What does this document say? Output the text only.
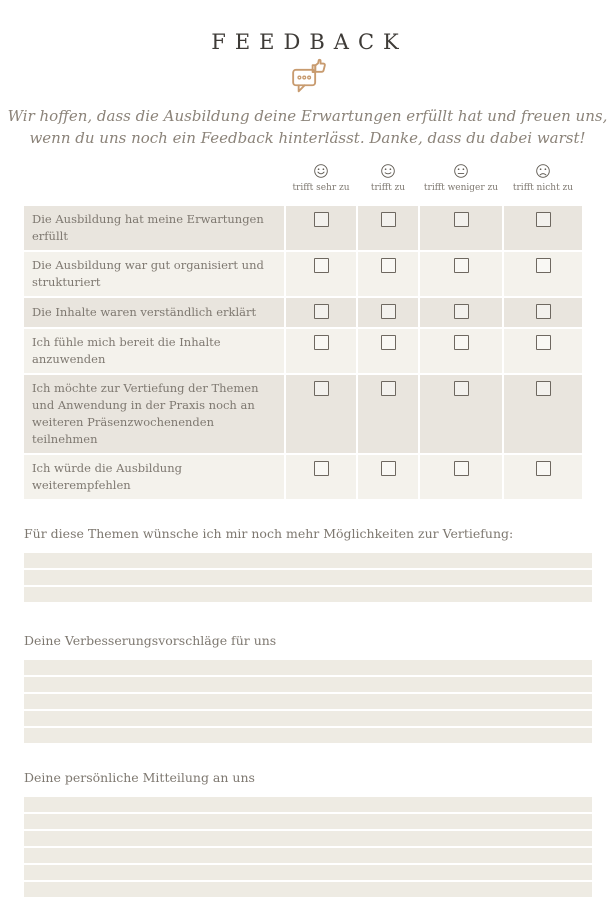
FEEDBACK
Wir hoffen, dass die Ausbildung deine Erwartungen erfüllt hat und freuen uns,
wenn du uns noch ein Feedback hinterlässt. Danke, dass du dabei warst!
trifft sehr zu trifft zu trifft weniger zu trifft nicht zu
Die Ausbildung hat meine Erwartungen erfüllt
Die Ausbildung war gut organisiert und strukturiert
Die Inhalte waren verständlich erklärt
Ich fühle mich bereit die Inhalte anzuwenden
Ich möchte zur Vertiefung der Themen und Anwendung in der Praxis noch an weiteren Präsenzwochenenden teilnehmen
Ich würde die Ausbildung weiterempfehlen
Für diese Themen wünsche ich mir noch mehr Möglichkeiten zur Vertiefung:
Deine Verbesserungsvorschläge für uns
Deine persönliche Mitteilung an uns
